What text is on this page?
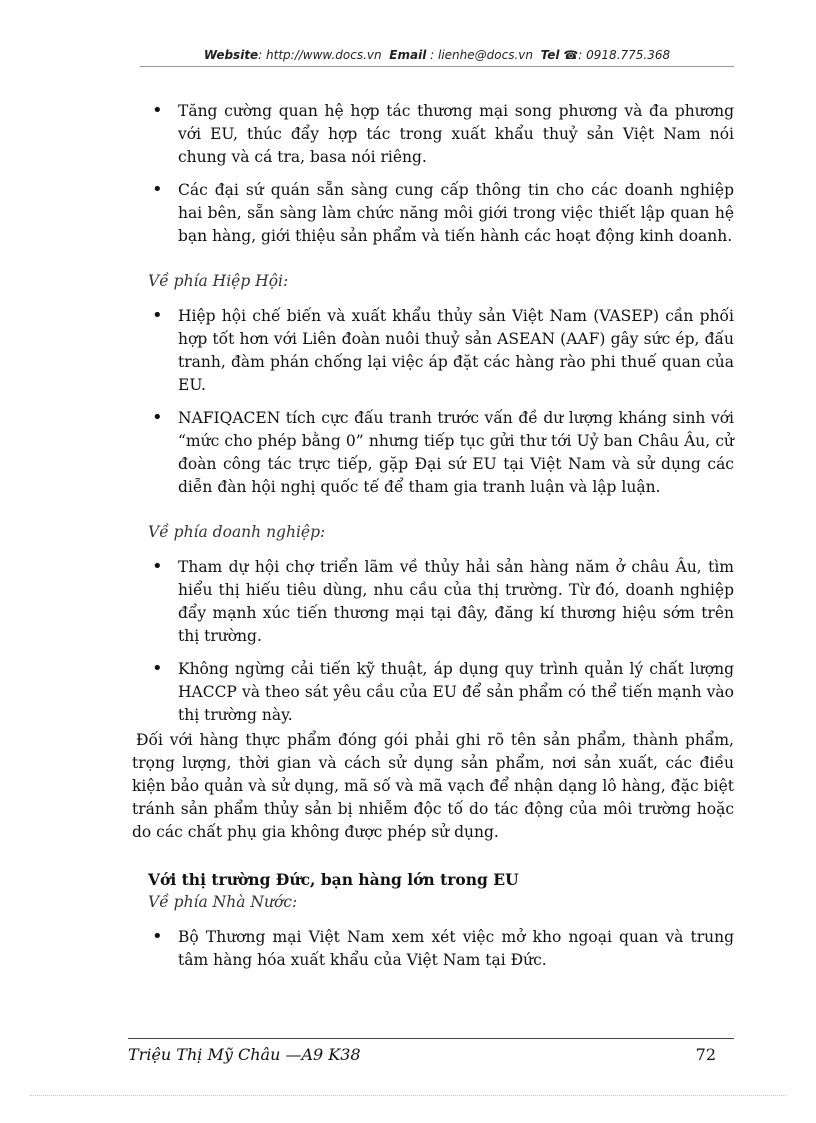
Website: http://www.docs.vn Email : lienhe@docs.vn Tel ☎: 0918.775.368
• Tăng cường quan hệ hợp tác thương mại song phương và đa phương với EU, thúc đẩy hợp tác trong xuất khẩu thuỷ sản Việt Nam nói chung và cá tra, basa nói riêng.
• Các đại sứ quán sẵn sàng cung cấp thông tin cho các doanh nghiệp hai bên, sẵn sàng làm chức năng môi giới trong việc thiết lập quan hệ bạn hàng, giới thiệu sản phẩm và tiến hành các hoạt động kinh doanh.
Về phía Hiệp Hội:
• Hiệp hội chế biến và xuất khẩu thủy sản Việt Nam (VASEP) cần phối hợp tốt hơn với Liên đoàn nuôi thuỷ sản ASEAN (AAF) gây sức ép, đấu tranh, đàm phán chống lại việc áp đặt các hàng rào phi thuế quan của EU.
• NAFIQACEN tích cực đấu tranh trước vấn đề dư lượng kháng sinh với “mức cho phép bằng 0” nhưng tiếp tục gửi thư tới Uỷ ban Châu Âu, cử đoàn công tác trực tiếp, gặp Đại sứ EU tại Việt Nam và sử dụng các diễn đàn hội nghị quốc tế để tham gia tranh luận và lập luận.
Về phía doanh nghiệp:
• Tham dự hội chợ triển lãm về thủy hải sản hàng năm ở châu Âu, tìm hiểu thị hiếu tiêu dùng, nhu cầu của thị trường. Từ đó, doanh nghiệp đẩy mạnh xúc tiến thương mại tại đây, đăng kí thương hiệu sớm trên thị trường.
• Không ngừng cải tiến kỹ thuật, áp dụng quy trình quản lý chất lượng HACCP và theo sát yêu cầu của EU để sản phẩm có thể tiến mạnh vào thị trường này.
Đối với hàng thực phẩm đóng gói phải ghi rõ tên sản phẩm, thành phẩm, trọng lượng, thời gian và cách sử dụng sản phẩm, nơi sản xuất, các điều kiện bảo quản và sử dụng, mã số và mã vạch để nhận dạng lô hàng, đặc biệt tránh sản phẩm thủy sản bị nhiễm độc tố do tác động của môi trường hoặc do các chất phụ gia không được phép sử dụng.
Với thị trường Đức, bạn hàng lớn trong EU
Về phía Nhà Nước:
• Bộ Thương mại Việt Nam xem xét việc mở kho ngoại quan và trung tâm hàng hóa xuất khẩu của Việt Nam tại Đức.
Triệu Thị Mỹ Châu —A9 K38	72
